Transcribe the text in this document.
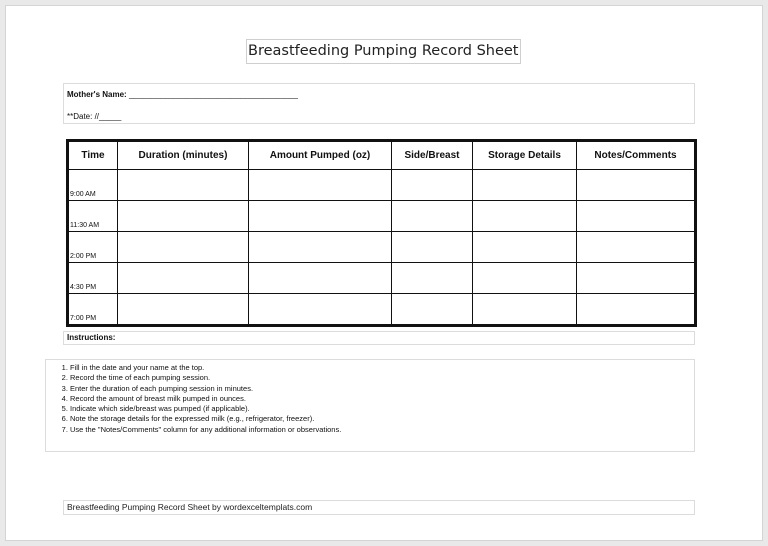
Breastfeeding Pumping Record Sheet
Mother's Name: ______________________________________
**Date: //_____
Time	Duration (minutes)	Amount Pumped (oz)	Side/Breast	Storage Details	Notes/Comments
9:00 AM					
11:30 AM					
2:00 PM					
4:30 PM					
7:00 PM					
Instructions:
1. Fill in the date and your name at the top.
2. Record the time of each pumping session.
3. Enter the duration of each pumping session in minutes.
4. Record the amount of breast milk pumped in ounces.
5. Indicate which side/breast was pumped (if applicable).
6. Note the storage details for the expressed milk (e.g., refrigerator, freezer).
7. Use the "Notes/Comments" column for any additional information or observations.
Breastfeeding Pumping Record Sheet by wordexceltemplats.com
